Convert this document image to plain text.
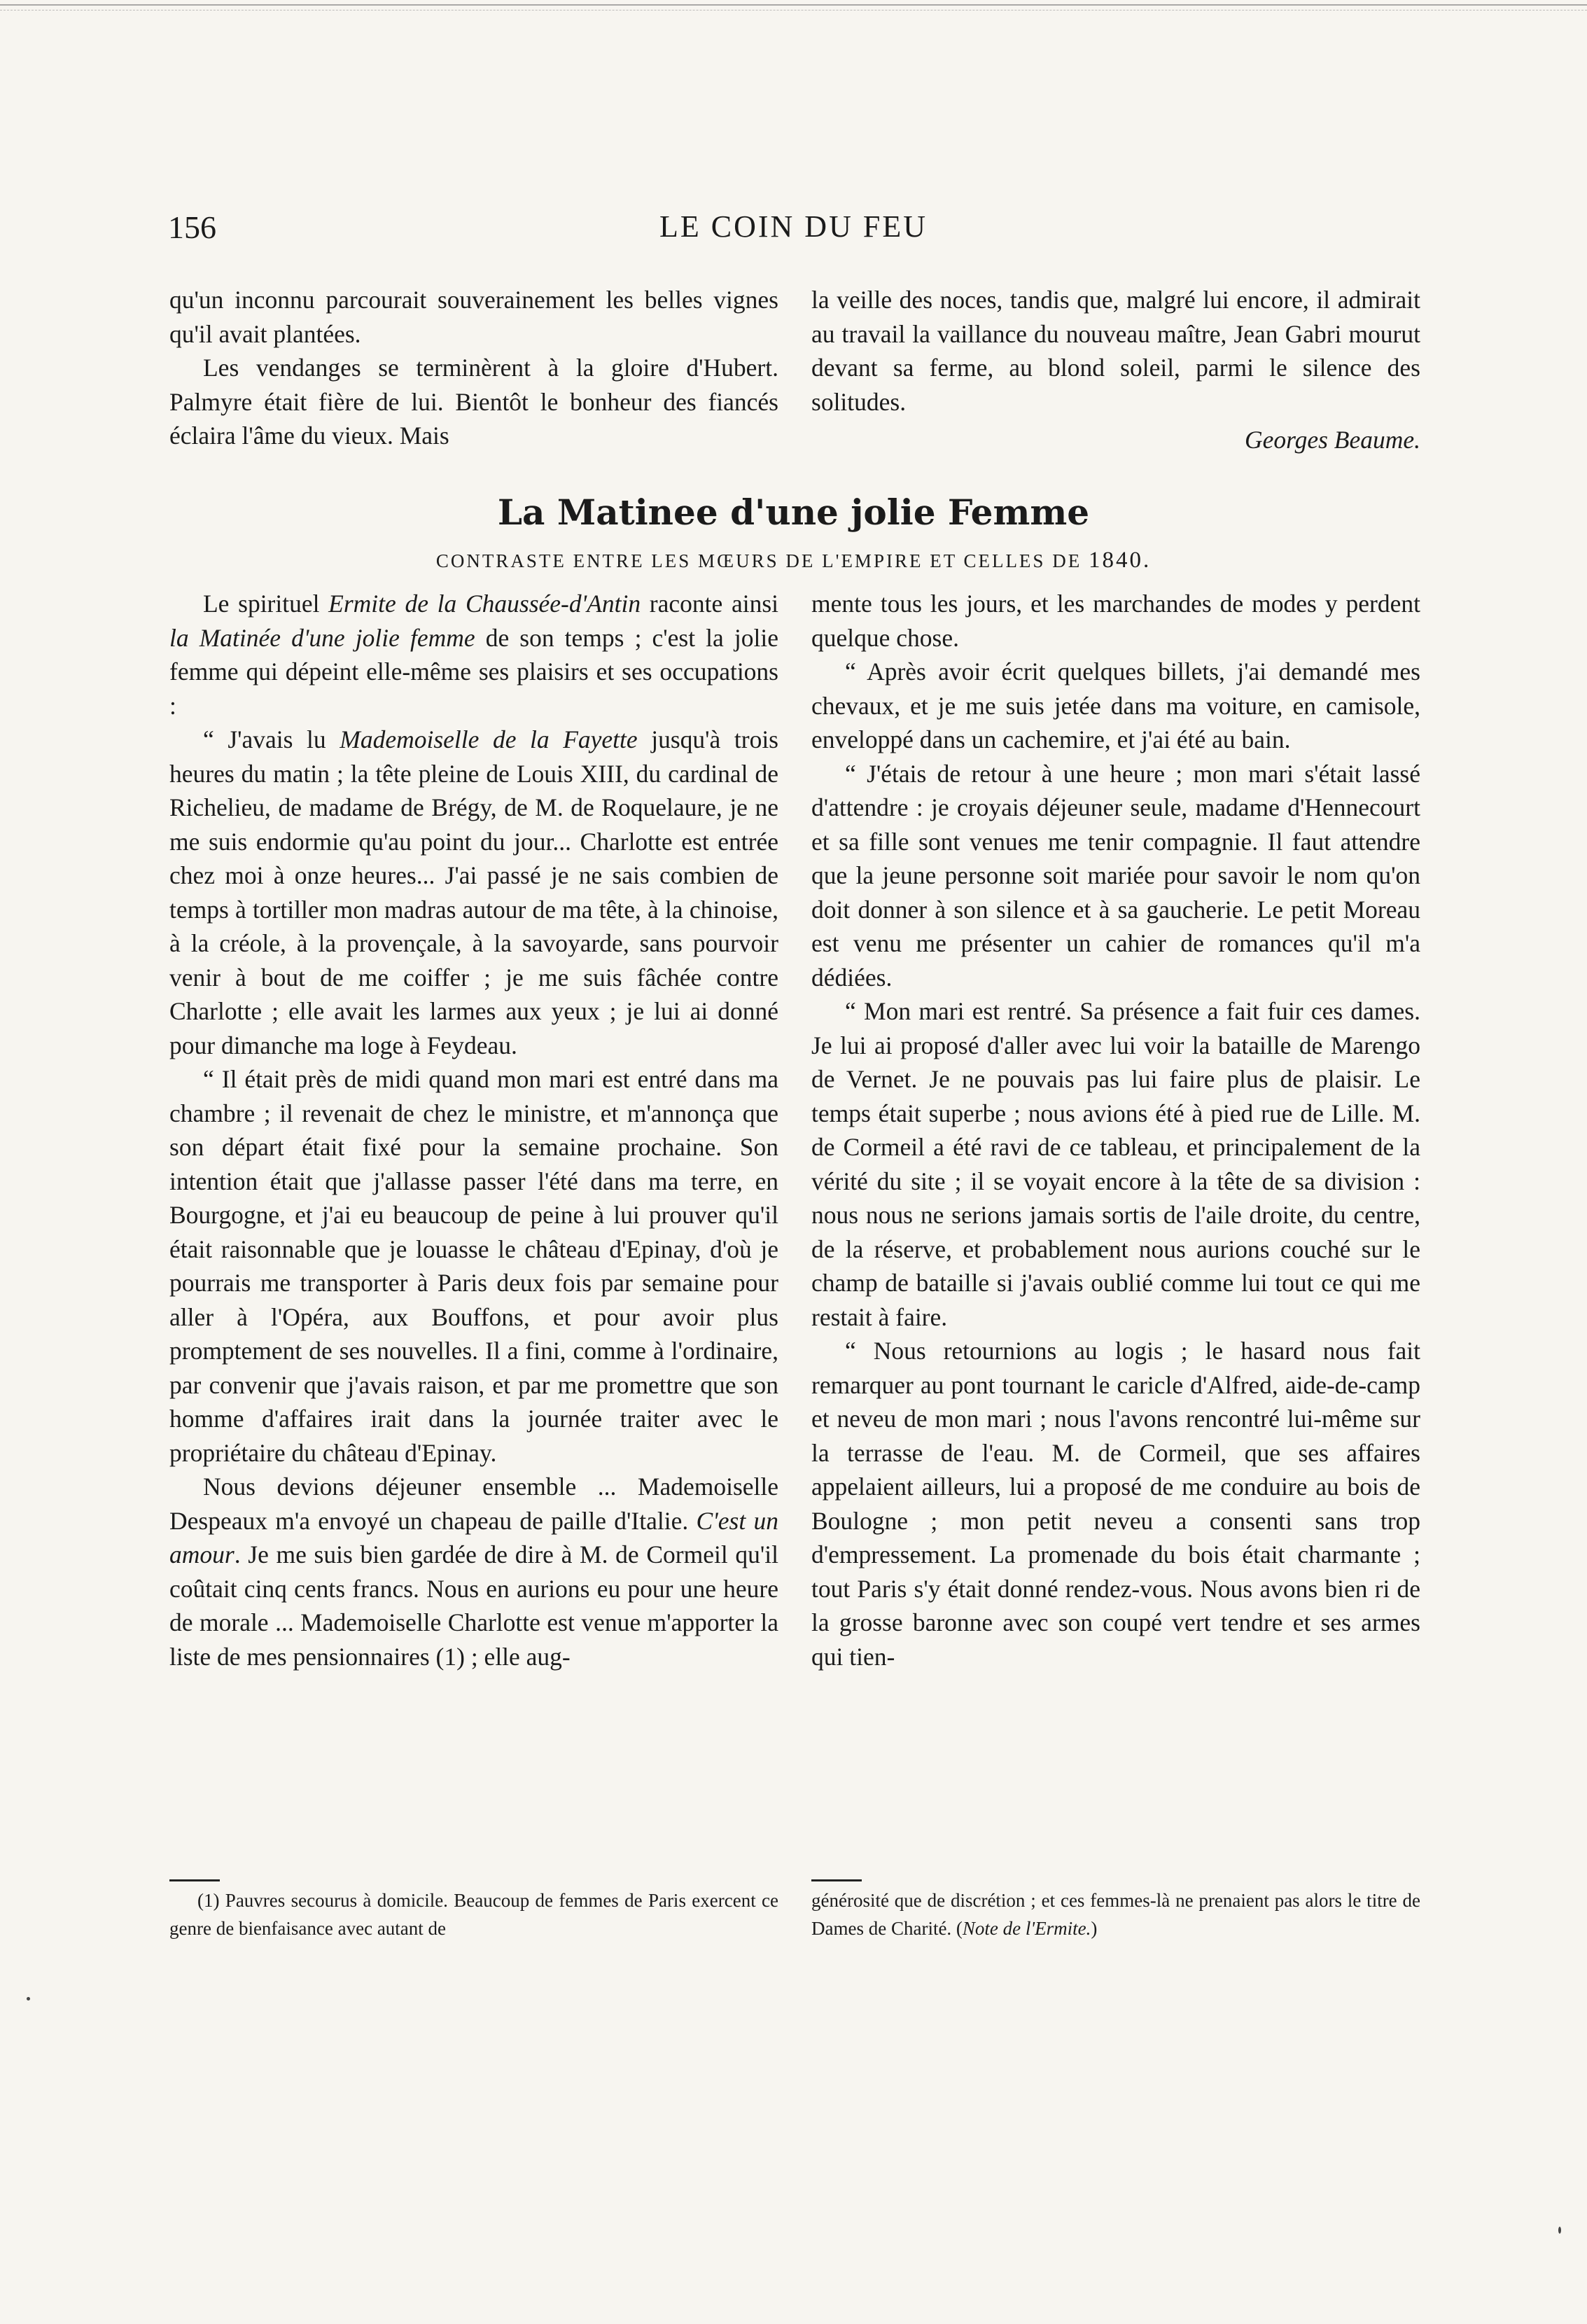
156	LE COIN DU FEU

qu'un inconnu parcourait souverainement les belles vignes qu'il avait plantées.

Les vendanges se terminèrent à la gloire d'Hubert. Palmyre était fière de lui. Bientôt le bonheur des fiancés éclaira l'âme du vieux. Mais

la veille des noces, tandis que, malgré lui encore, il admirait au travail la vaillance du nouveau maître, Jean Gabri mourut devant sa ferme, au blond soleil, parmi le silence des solitudes.

Georges Beaume.
La Matinee d'une jolie Femme
CONTRASTE ENTRE LES MŒURS DE L'EMPIRE ET CELLES DE 1840.

Le spirituel Ermite de la Chaussée-d'Antin raconte ainsi la Matinée d'une jolie femme de son temps ; c'est la jolie femme qui dépeint elle-même ses plaisirs et ses occupations :

“ J'avais lu Mademoiselle de la Fayette jusqu'à trois heures du matin ; la tête pleine de Louis XIII, du cardinal de Richelieu, de madame de Brégy, de M. de Roquelaure, je ne me suis endormie qu'au point du jour... Charlotte est entrée chez moi à onze heures... J'ai passé je ne sais combien de temps à tortiller mon madras autour de ma tête, à la chinoise, à la créole, à la provençale, à la savoyarde, sans pourvoir venir à bout de me coiffer ; je me suis fâchée contre Charlotte ; elle avait les larmes aux yeux ; je lui ai donné pour dimanche ma loge à Feydeau.

“ Il était près de midi quand mon mari est entré dans ma chambre ; il revenait de chez le ministre, et m'annonça que son départ était fixé pour la semaine prochaine. Son intention était que j'allasse passer l'été dans ma terre, en Bourgogne, et j'ai eu beaucoup de peine à lui prouver qu'il était raisonnable que je louasse le château d'Epinay, d'où je pourrais me transporter à Paris deux fois par semaine pour aller à l'Opéra, aux Bouffons, et pour avoir plus promptement de ses nouvelles. Il a fini, comme à l'ordinaire, par convenir que j'avais raison, et par me promettre que son homme d'affaires irait dans la journée traiter avec le propriétaire du château d'Epinay.

Nous devions déjeuner ensemble ... Mademoiselle Despeaux m'a envoyé un chapeau de paille d'Italie. C'est un amour. Je me suis bien gardée de dire à M. de Cormeil qu'il coûtait cinq cents francs. Nous en aurions eu pour une heure de morale ... Mademoiselle Charlotte est venue m'apporter la liste de mes pensionnaires (1) ; elle aug-

mente tous les jours, et les marchandes de modes y perdent quelque chose.

“ Après avoir écrit quelques billets, j'ai demandé mes chevaux, et je me suis jetée dans ma voiture, en camisole, enveloppé dans un cachemire, et j'ai été au bain.

“ J'étais de retour à une heure ; mon mari s'était lassé d'attendre : je croyais déjeuner seule, madame d'Hennecourt et sa fille sont venues me tenir compagnie. Il faut attendre que la jeune personne soit mariée pour savoir le nom qu'on doit donner à son silence et à sa gaucherie. Le petit Moreau est venu me présenter un cahier de romances qu'il m'a dédiées.

“ Mon mari est rentré. Sa présence a fait fuir ces dames. Je lui ai proposé d'aller avec lui voir la bataille de Marengo de Vernet. Je ne pouvais pas lui faire plus de plaisir. Le temps était superbe ; nous avions été à pied rue de Lille. M. de Cormeil a été ravi de ce tableau, et principalement de la vérité du site ; il se voyait encore à la tête de sa division : nous nous ne serions jamais sortis de l'aile droite, du centre, de la réserve, et probablement nous aurions couché sur le champ de bataille si j'avais oublié comme lui tout ce qui me restait à faire.

“ Nous retournions au logis ; le hasard nous fait remarquer au pont tournant le caricle d'Alfred, aide-de-camp et neveu de mon mari ; nous l'avons rencontré lui-même sur la terrasse de l'eau. M. de Cormeil, que ses affaires appelaient ailleurs, lui a proposé de me conduire au bois de Boulogne ; mon petit neveu a consenti sans trop d'empressement. La promenade du bois était charmante ; tout Paris s'y était donné rendez-vous. Nous avons bien ri de la grosse baronne avec son coupé vert tendre et ses armes qui tien-

(1) Pauvres secourus à domicile. Beaucoup de femmes de Paris exercent ce genre de bienfaisance avec autant de

générosité que de discrétion ; et ces femmes-là ne prenaient pas alors le titre de Dames de Charité. (Note de l'Ermite.)
